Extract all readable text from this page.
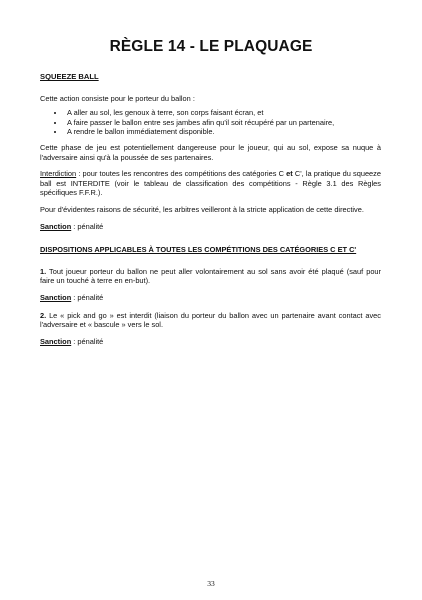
RÈGLE 14 - LE PLAQUAGE

SQUEEZE BALL

Cette action consiste pour le porteur du ballon :

• A aller au sol, les genoux à terre, son corps faisant écran, et
• A faire passer le ballon entre ses jambes afin qu'il soit récupéré par un partenaire,
• A rendre le ballon immédiatement disponible.

Cette phase de jeu est potentiellement dangereuse pour le joueur, qui au sol, expose sa nuque à l'adversaire ainsi qu'à la poussée de ses partenaires.

Interdiction : pour toutes les rencontres des compétitions des catégories C et C', la pratique du squeeze ball est INTERDITE (voir le tableau de classification des compétitions - Règle 3.1 des Règles spécifiques F.F.R.).

Pour d'évidentes raisons de sécurité, les arbitres veilleront à la stricte application de cette directive.

Sanction : pénalité

DISPOSITIONS APPLICABLES À TOUTES LES COMPÉTITIONS DES CATÉGORIES C ET C'

1. Tout joueur porteur du ballon ne peut aller volontairement au sol sans avoir été plaqué (sauf pour faire un touché à terre en en-but).

Sanction : pénalité

2. Le « pick and go » est interdit (liaison du porteur du ballon avec un partenaire avant contact avec l'adversaire et « bascule » vers le sol.

Sanction : pénalité

33
